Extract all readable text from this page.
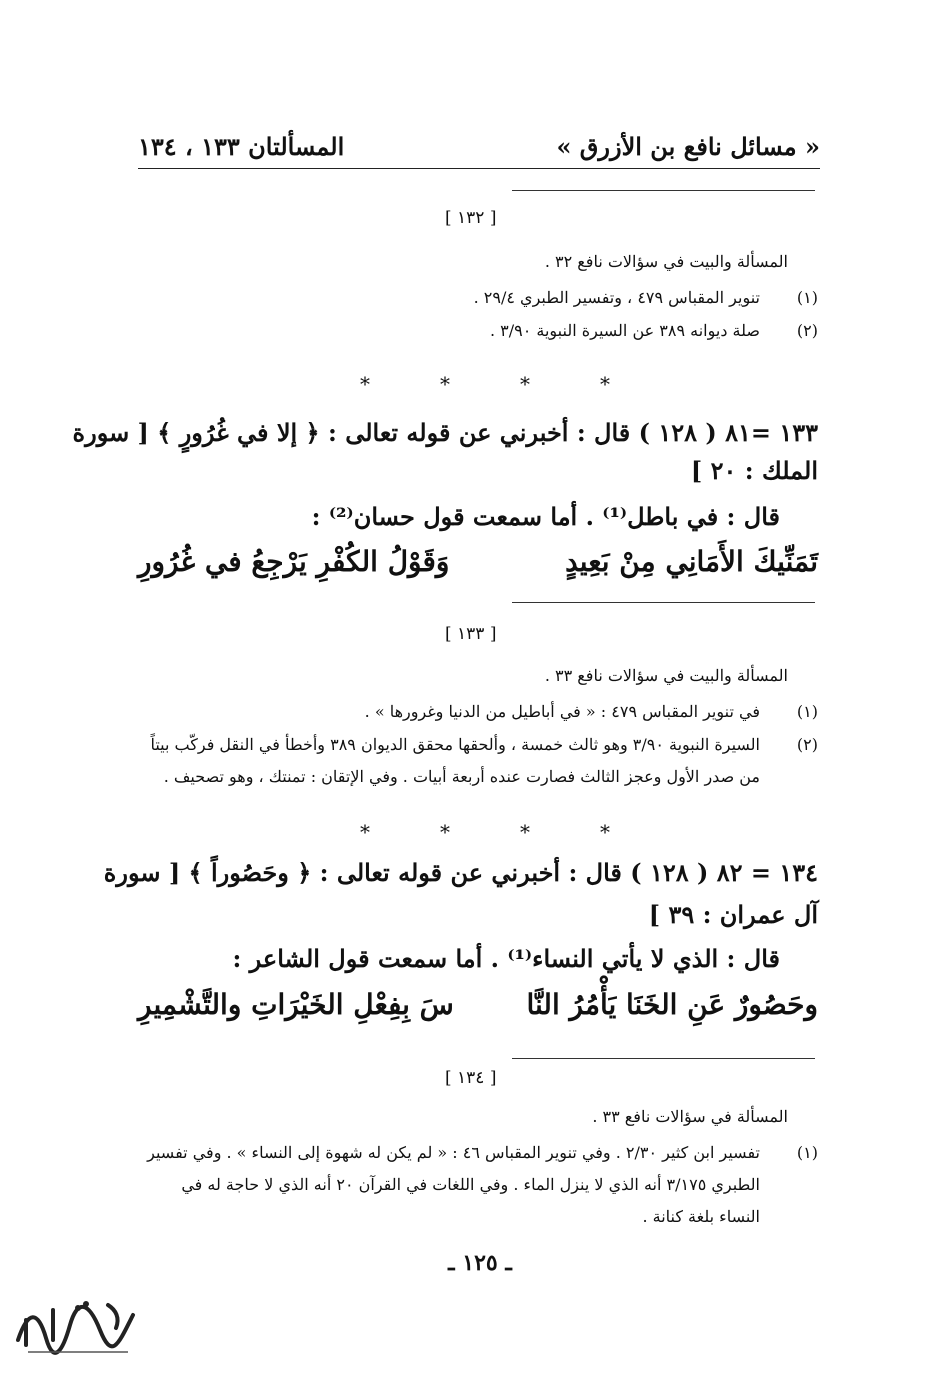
« مسائل نافع بن الأزرق »
المسألتان ١٣٣ ، ١٣٤
[ ١٣٢ ]
المسألة والبيت في سؤالات نافع ٣٢ .
(١)
تنوير المقباس ٤٧٩ ، وتفسير الطبري ٢٩/٤ .
(٢)
صلة ديوانه ٣٨٩ عن السيرة النبوية ٣/٩٠ .
*	*	*	*
١٣٣ =٨١ ( ١٢٨ ) قال : أخبرني عن قوله تعالى : ﴿ إلا في غُرُورٍ ﴾ [ سورة
الملك : ٢٠ ]
قال : في باطل⁽¹⁾ . أما سمعت قول حسان⁽²⁾ :
تَمَنِّيكَ الأَمَانِي مِنْ بَعِيدٍ
وَقَوْلُ الكُفْرِ يَرْجِعُ في غُرُورِ
[ ١٣٣ ]
المسألة والبيت في سؤالات نافع ٣٣ .
(١)
في تنوير المقباس ٤٧٩ : « في أباطيل من الدنيا وغرورها » .
(٢)
السيرة النبوية ٣/٩٠ وهو ثالث خمسة ، وألحقها محقق الديوان ٣٨٩ وأخطأ في النقل فركّب بيتاً
من صدر الأول وعجز الثالث فصارت عنده أربعة أبيات . وفي الإتقان : تمنتك ، وهو تصحيف .
*	*	*	*
١٣٤ = ٨٢ ( ١٢٨ ) قال : أخبرني عن قوله تعالى : ﴿ وحَصُوراً ﴾ [ سورة
آل عمران : ٣٩ ]
قال : الذي لا يأتي النساء⁽¹⁾ . أما سمعت قول الشاعر :
وحَصُورٌ عَنِ الخَنَا يَأْمُرُ النَّا
سَ بِفِعْلِ الخَيْرَاتِ والتَّشْمِيرِ
[ ١٣٤ ]
المسألة في سؤالات نافع ٣٣ .
(١)
تفسير ابن كثير ٢/٣٠ . وفي تنوير المقباس ٤٦ : « لم يكن له شهوة إلى النساء » . وفي تفسير
الطبري ٣/١٧٥ أنه الذي لا ينزل الماء . وفي اللغات في القرآن ٢٠ أنه الذي لا حاجة له في
النساء بلغة كنانة .
ـ ١٢٥ ـ
